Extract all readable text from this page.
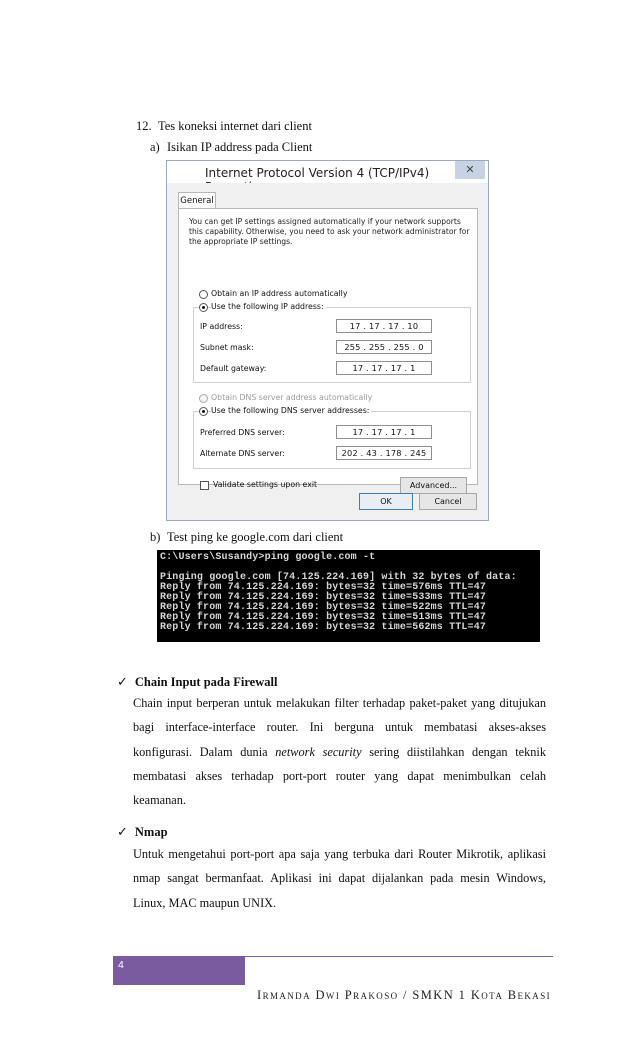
12. Tes koneksi internet dari client
a) Isikan IP address pada Client
Internet Protocol Version 4 (TCP/IPv4)	✕
General
You can get IP settings assigned automatically if your network supports this capability. Otherwise, you need to ask your network administrator for the appropriate IP settings.
Obtain an IP address automatically
Use the following IP address:
IP address:	17 . 17 . 17 . 10
Subnet mask:	255 . 255 . 255 . 0
Default gateway:	17 . 17 . 17 . 1
Obtain DNS server address automatically
Use the following DNS server addresses:
Preferred DNS server:	17 . 17 . 17 . 1
Alternate DNS server:	202 . 43 . 178 . 245
Validate settings upon exit	Advanced...
OK	Cancel
b) Test ping ke google.com dari client
C:\Users\Susandy>ping google.com -t
Pinging google.com [74.125.224.169] with 32 bytes of data:
Reply from 74.125.224.169: bytes=32 time=576ms TTL=47
Reply from 74.125.224.169: bytes=32 time=533ms TTL=47
Reply from 74.125.224.169: bytes=32 time=522ms TTL=47
Reply from 74.125.224.169: bytes=32 time=513ms TTL=47
Reply from 74.125.224.169: bytes=32 time=562ms TTL=47
✓ Chain Input pada Firewall
Chain input berperan untuk melakukan filter terhadap paket-paket yang ditujukan bagi interface-interface router. Ini berguna untuk membatasi akses-akses konfigurasi. Dalam dunia network security sering diistilahkan dengan teknik membatasi akses terhadap port-port router yang dapat menimbulkan celah keamanan.
✓ Nmap
Untuk mengetahui port-port apa saja yang terbuka dari Router Mikrotik, aplikasi nmap sangat bermanfaat. Aplikasi ini dapat dijalankan pada mesin Windows, Linux, MAC maupun UNIX.
4
Irmanda Dwi Prakoso / SMKN 1 Kota Bekasi
